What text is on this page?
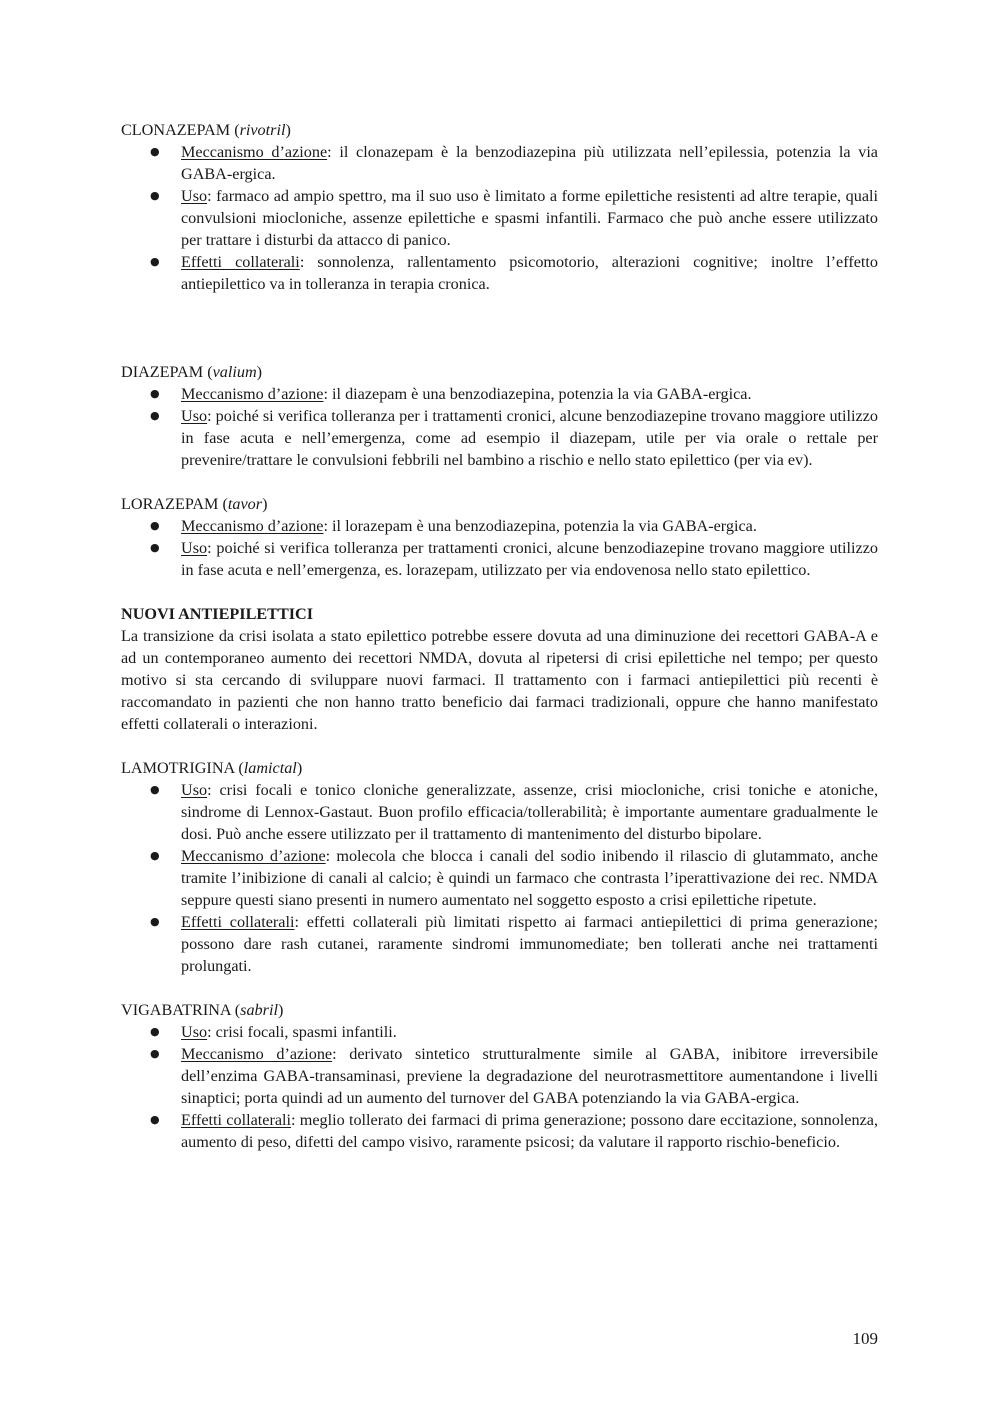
CLONAZEPAM (rivotril)

● Meccanismo d’azione: il clonazepam è la benzodiazepina più utilizzata nell’epilessia, potenzia la via GABA-ergica.
● Uso: farmaco ad ampio spettro, ma il suo uso è limitato a forme epilettiche resistenti ad altre terapie, quali convulsioni miocloniche, assenze epilettiche e spasmi infantili. Farmaco che può anche essere utilizzato per trattare i disturbi da attacco di panico.
● Effetti collaterali: sonnolenza, rallentamento psicomotorio, alterazioni cognitive; inoltre l’effetto antiepilettico va in tolleranza in terapia cronica.

DIAZEPAM (valium)

● Meccanismo d’azione: il diazepam è una benzodiazepina, potenzia la via GABA-ergica.
● Uso: poiché si verifica tolleranza per i trattamenti cronici, alcune benzodiazepine trovano maggiore utilizzo in fase acuta e nell’emergenza, come ad esempio il diazepam, utile per via orale o rettale per prevenire/trattare le convulsioni febbrili nel bambino a rischio e nello stato epilettico (per via ev).

LORAZEPAM (tavor)

● Meccanismo d’azione: il lorazepam è una benzodiazepina, potenzia la via GABA-ergica.
● Uso: poiché si verifica tolleranza per trattamenti cronici, alcune benzodiazepine trovano maggiore utilizzo in fase acuta e nell’emergenza, es. lorazepam, utilizzato per via endovenosa nello stato epilettico.

NUOVI ANTIEPILETTICI

La transizione da crisi isolata a stato epilettico potrebbe essere dovuta ad una diminuzione dei recettori GABA-A e ad un contemporaneo aumento dei recettori NMDA, dovuta al ripetersi di crisi epilettiche nel tempo; per questo motivo si sta cercando di sviluppare nuovi farmaci. Il trattamento con i farmaci antiepilettici più recenti è raccomandato in pazienti che non hanno tratto beneficio dai farmaci tradizionali, oppure che hanno manifestato effetti collaterali o interazioni.

LAMOTRIGINA (lamictal)

● Uso: crisi focali e tonico cloniche generalizzate, assenze, crisi miocloniche, crisi toniche e atoniche, sindrome di Lennox-Gastaut. Buon profilo efficacia/tollerabilità; è importante aumentare gradualmente le dosi. Può anche essere utilizzato per il trattamento di mantenimento del disturbo bipolare.
● Meccanismo d’azione: molecola che blocca i canali del sodio inibendo il rilascio di glutammato, anche tramite l’inibizione di canali al calcio; è quindi un farmaco che contrasta l’iperattivazione dei rec. NMDA seppure questi siano presenti in numero aumentato nel soggetto esposto a crisi epilettiche ripetute.
● Effetti collaterali: effetti collaterali più limitati rispetto ai farmaci antiepilettici di prima generazione; possono dare rash cutanei, raramente sindromi immunomediate; ben tollerati anche nei trattamenti prolungati.

VIGABATRINA (sabril)

● Uso: crisi focali, spasmi infantili.
● Meccanismo d’azione: derivato sintetico strutturalmente simile al GABA, inibitore irreversibile dell’enzima GABA-transaminasi, previene la degradazione del neurotrasmettitore aumentandone i livelli sinaptici; porta quindi ad un aumento del turnover del GABA potenziando la via GABA-ergica.
● Effetti collaterali: meglio tollerato dei farmaci di prima generazione; possono dare eccitazione, sonnolenza, aumento di peso, difetti del campo visivo, raramente psicosi; da valutare il rapporto rischio-beneficio.
109
